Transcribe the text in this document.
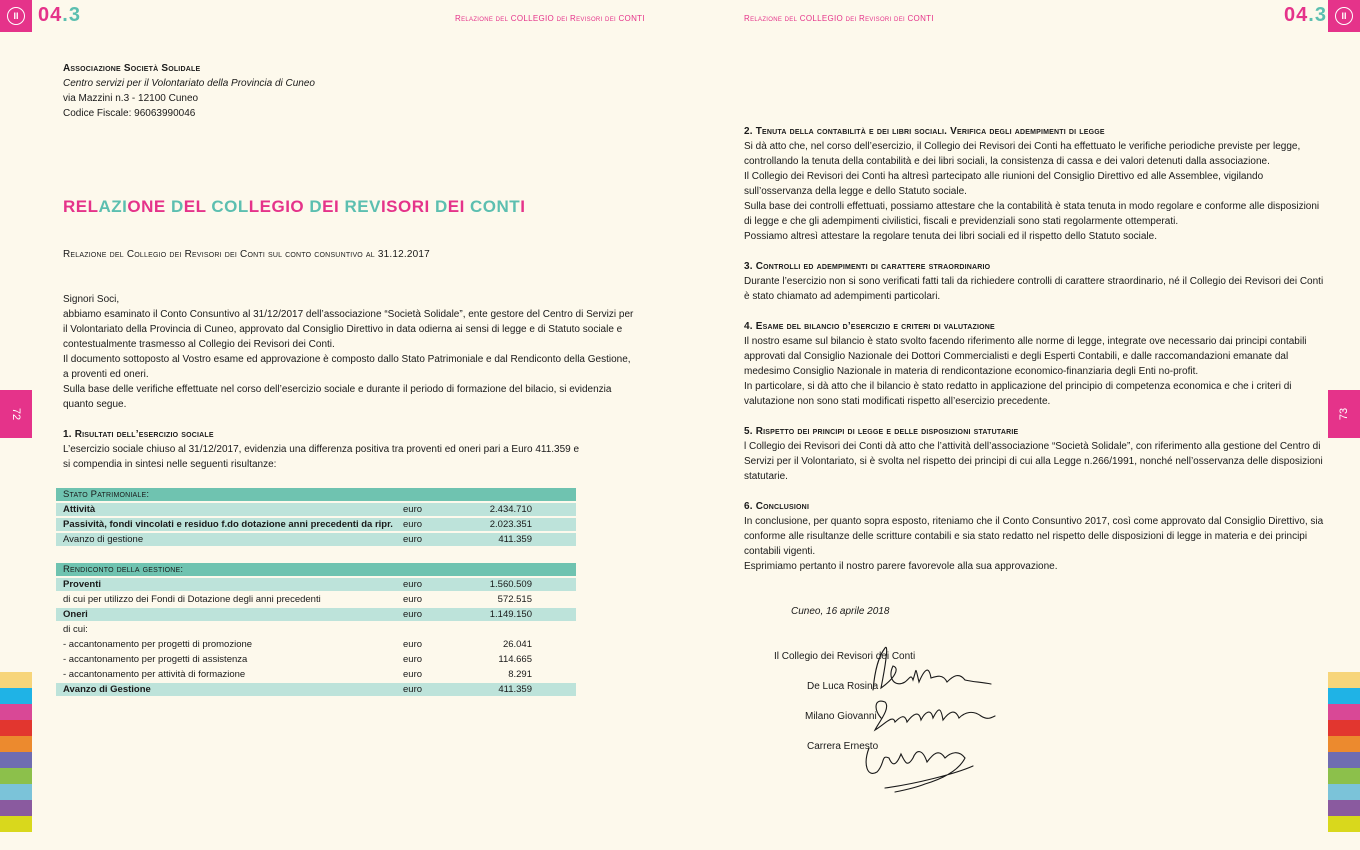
II 04.3	Relazione del COLLEGIO dei Revisori dei CONTI	Relazione del COLLEGIO dei Revisori dei CONTI	04.3	II
72	73
Associazione Società Solidale
Centro servizi per il Volontariato della Provincia di Cuneo
via Mazzini n.3 - 12100 Cuneo
Codice Fiscale: 96063990046
RELAZIONE DEL COLLEGIO DEI REVISORI DEI CONTI
Relazione del Collegio dei Revisori dei Conti sul conto consuntivo al 31.12.2017
Signori Soci,
abbiamo esaminato il Conto Consuntivo al 31/12/2017 dell’associazione “Società Solidale”, ente gestore del Centro di Servizi per
il Volontariato della Provincia di Cuneo, approvato dal Consiglio Direttivo in data odierna ai sensi di legge e di Statuto sociale e
contestualmente trasmesso al Collegio dei Revisori dei Conti.
Il documento sottoposto al Vostro esame ed approvazione è composto dallo Stato Patrimoniale e dal Rendiconto della Gestione,
a proventi ed oneri.
Sulla base delle verifiche effettuate nel corso dell’esercizio sociale e durante il periodo di formazione del bilacio, si evidenzia
quanto segue.
1. Risultati dell’esercizio sociale
L’esercizio sociale chiuso al 31/12/2017, evidenzia una differenza positiva tra proventi ed oneri pari a Euro 411.359 e
si compendia in sintesi nelle seguenti risultanze:
Stato Patrimoniale:
Attività	euro	2.434.710
Passività, fondi vincolati e residuo f.do dotazione anni precedenti da ripr. euro	2.023.351
Avanzo di gestione	euro	411.359
Rendiconto della gestione:
Proventi	euro	1.560.509
di cui per utilizzo dei Fondi di Dotazione degli anni precedenti	euro	572.515
Oneri	euro	1.149.150
di cui:
- accantonamento per progetti di promozione	euro	26.041
- accantonamento per progetti di assistenza	euro	114.665
- accantonamento per attività di formazione	euro	8.291
Avanzo di Gestione	euro	411.359
2. Tenuta della contabilità e dei libri sociali. Verifica degli adempimenti di legge
Si dà atto che, nel corso dell’esercizio, il Collegio dei Revisori dei Conti ha effettuato le verifiche periodiche previste per legge,
controllando la tenuta della contabilità e dei libri sociali, la consistenza di cassa e dei valori detenuti dalla associazione.
Il Collegio dei Revisori dei Conti ha altresì partecipato alle riunioni del Consiglio Direttivo ed alle Assemblee, vigilando
sull’osservanza della legge e dello Statuto sociale.
Sulla base dei controlli effettuati, possiamo attestare che la contabilità è stata tenuta in modo regolare e conforme alle disposizioni
di legge e che gli adempimenti civilistici, fiscali e previdenziali sono stati regolarmente ottemperati.
Possiamo altresì attestare la regolare tenuta dei libri sociali ed il rispetto dello Statuto sociale.
3. Controlli ed adempimenti di carattere straordinario
Durante l’esercizio non si sono verificati fatti tali da richiedere controlli di carattere straordinario, né il Collegio dei Revisori dei Conti
è stato chiamato ad adempimenti particolari.
4. Esame del bilancio d’esercizio e criteri di valutazione
Il nostro esame sul bilancio è stato svolto facendo riferimento alle norme di legge, integrate ove necessario dai principi contabili
approvati dal Consiglio Nazionale dei Dottori Commercialisti e degli Esperti Contabili, e dalle raccomandazioni emanate dal
medesimo Consiglio Nazionale in materia di rendicontazione economico-finanziaria degli Enti no-profit.
In particolare, si dà atto che il bilancio è stato redatto in applicazione del principio di competenza economica e che i criteri di
valutazione non sono stati modificati rispetto all’esercizio precedente.
5. Rispetto dei principi di legge e delle disposizioni statutarie
l Collegio dei Revisori dei Conti dà atto che l’attività dell’associazione “Società Solidale”, con riferimento alla gestione del Centro di
Servizi per il Volontariato, si è svolta nel rispetto dei principi di cui alla Legge n.266/1991, nonché nell’osservanza delle disposizioni
statutarie.
6. Conclusioni
In conclusione, per quanto sopra esposto, riteniamo che il Conto Consuntivo 2017, così come approvato dal Consiglio Direttivo, sia
conforme alle risultanze delle scritture contabili e sia stato redatto nel rispetto delle disposizioni di legge in materia e dei principi
contabili vigenti.
Esprimiamo pertanto il nostro parere favorevole alla sua approvazione.
Cuneo, 16 aprile 2018
Il Collegio dei Revisori dei Conti
De Luca Rosina
Milano Giovanni
Carrera Ernesto
